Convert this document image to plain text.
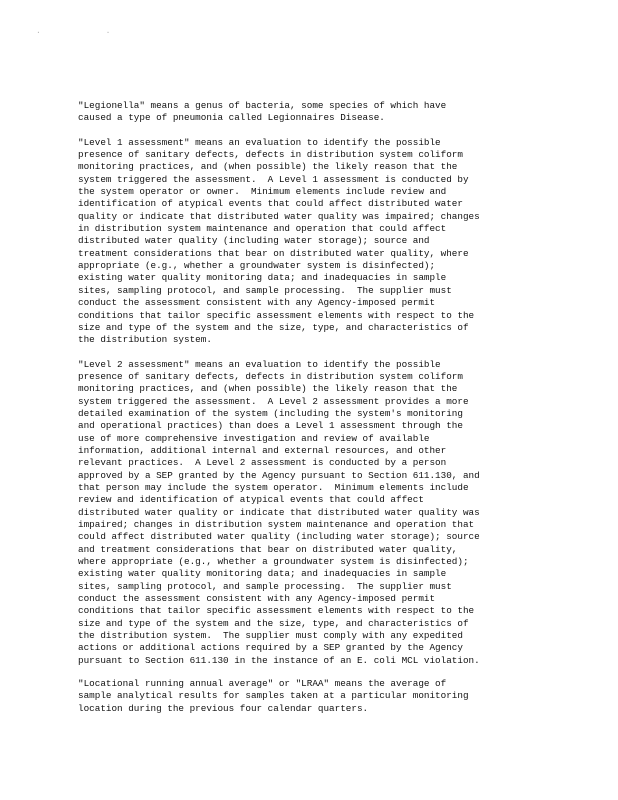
· ·

"Legionella" means a genus of bacteria, some species of which have
caused a type of pneumonia called Legionnaires Disease.

"Level 1 assessment" means an evaluation to identify the possible
presence of sanitary defects, defects in distribution system coliform
monitoring practices, and (when possible) the likely reason that the
system triggered the assessment.  A Level 1 assessment is conducted by
the system operator or owner.  Minimum elements include review and
identification of atypical events that could affect distributed water
quality or indicate that distributed water quality was impaired; changes
in distribution system maintenance and operation that could affect
distributed water quality (including water storage); source and
treatment considerations that bear on distributed water quality, where
appropriate (e.g., whether a groundwater system is disinfected);
existing water quality monitoring data; and inadequacies in sample
sites, sampling protocol, and sample processing.  The supplier must
conduct the assessment consistent with any Agency-imposed permit
conditions that tailor specific assessment elements with respect to the
size and type of the system and the size, type, and characteristics of
the distribution system.

"Level 2 assessment" means an evaluation to identify the possible
presence of sanitary defects, defects in distribution system coliform
monitoring practices, and (when possible) the likely reason that the
system triggered the assessment.  A Level 2 assessment provides a more
detailed examination of the system (including the system's monitoring
and operational practices) than does a Level 1 assessment through the
use of more comprehensive investigation and review of available
information, additional internal and external resources, and other
relevant practices.  A Level 2 assessment is conducted by a person
approved by a SEP granted by the Agency pursuant to Section 611.130, and
that person may include the system operator.  Minimum elements include
review and identification of atypical events that could affect
distributed water quality or indicate that distributed water quality was
impaired; changes in distribution system maintenance and operation that
could affect distributed water quality (including water storage); source
and treatment considerations that bear on distributed water quality,
where appropriate (e.g., whether a groundwater system is disinfected);
existing water quality monitoring data; and inadequacies in sample
sites, sampling protocol, and sample processing.  The supplier must
conduct the assessment consistent with any Agency-imposed permit
conditions that tailor specific assessment elements with respect to the
size and type of the system and the size, type, and characteristics of
the distribution system.  The supplier must comply with any expedited
actions or additional actions required by a SEP granted by the Agency
pursuant to Section 611.130 in the instance of an E. coli MCL violation.

"Locational running annual average" or "LRAA" means the average of
sample analytical results for samples taken at a particular monitoring
location during the previous four calendar quarters.
